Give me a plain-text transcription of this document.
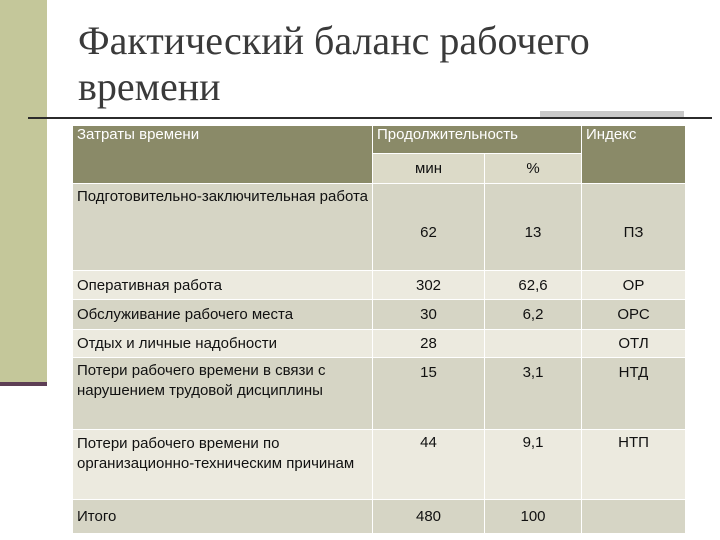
Фактический баланс рабочего времени
Затраты времени	Продолжительность		Индекс
	мин	%	
Подготовительно-заключительная работа	62	13	ПЗ
Оперативная работа	302	62,6	ОР
Обслуживание рабочего места	30	6,2	ОРС
Отдых и личные надобности	28		ОТЛ
Потери рабочего времени в связи с нарушением трудовой дисциплины	15	3,1	НТД
Потери рабочего времени по организационно-техническим причинам	44	9,1	НТП
Итого	480	100	
